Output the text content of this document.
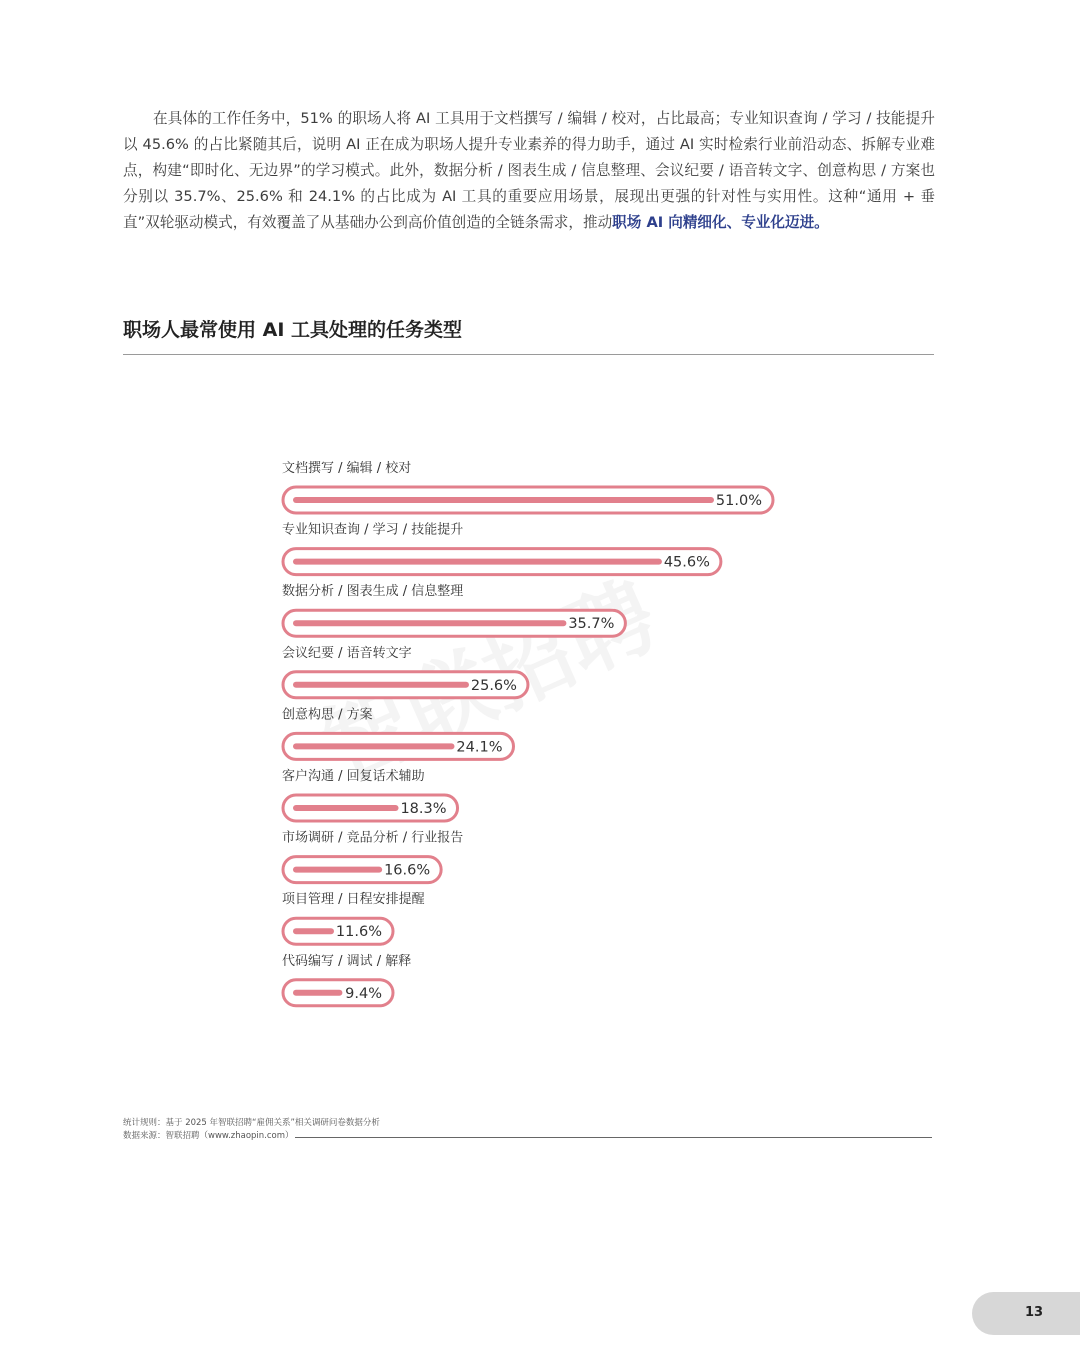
在具体的工作任务中，51% 的职场人将 AI 工具用于文档撰写 / 编辑 / 校对，占比最高；专业知识查询 / 学习 / 技能提升以 45.6% 的占比紧随其后，说明 AI 正在成为职场人提升专业素养的得力助手，通过 AI 实时检索行业前沿动态、拆解专业难点，构建“即时化、无边界”的学习模式。此外，数据分析 / 图表生成 / 信息整理、会议纪要 / 语音转文字、创意构思 / 方案也分别以 35.7%、25.6% 和 24.1% 的占比成为 AI 工具的重要应用场景，展现出更强的针对性与实用性。这种“通用 + 垂直”双轮驱动模式，有效覆盖了从基础办公到高价值创造的全链条需求，推动职场 AI 向精细化、专业化迈进。

职场人最常使用 AI 工具处理的任务类型
文档撰写 / 编辑 / 校对
51.0%
专业知识查询 / 学习 / 技能提升
45.6%
数据分析 / 图表生成 / 信息整理
35.7%
会议纪要 / 语音转文字
25.6%
创意构思 / 方案
24.1%
客户沟通 / 回复话术辅助
18.3%
市场调研 / 竞品分析 / 行业报告
16.6%
项目管理 / 日程安排提醒
11.6%
代码编写 / 调试 / 解释
9.4%
统计规则：基于 2025 年智联招聘“雇佣关系”相关调研问卷数据分析
数据来源：智联招聘（www.zhaopin.com）
13
